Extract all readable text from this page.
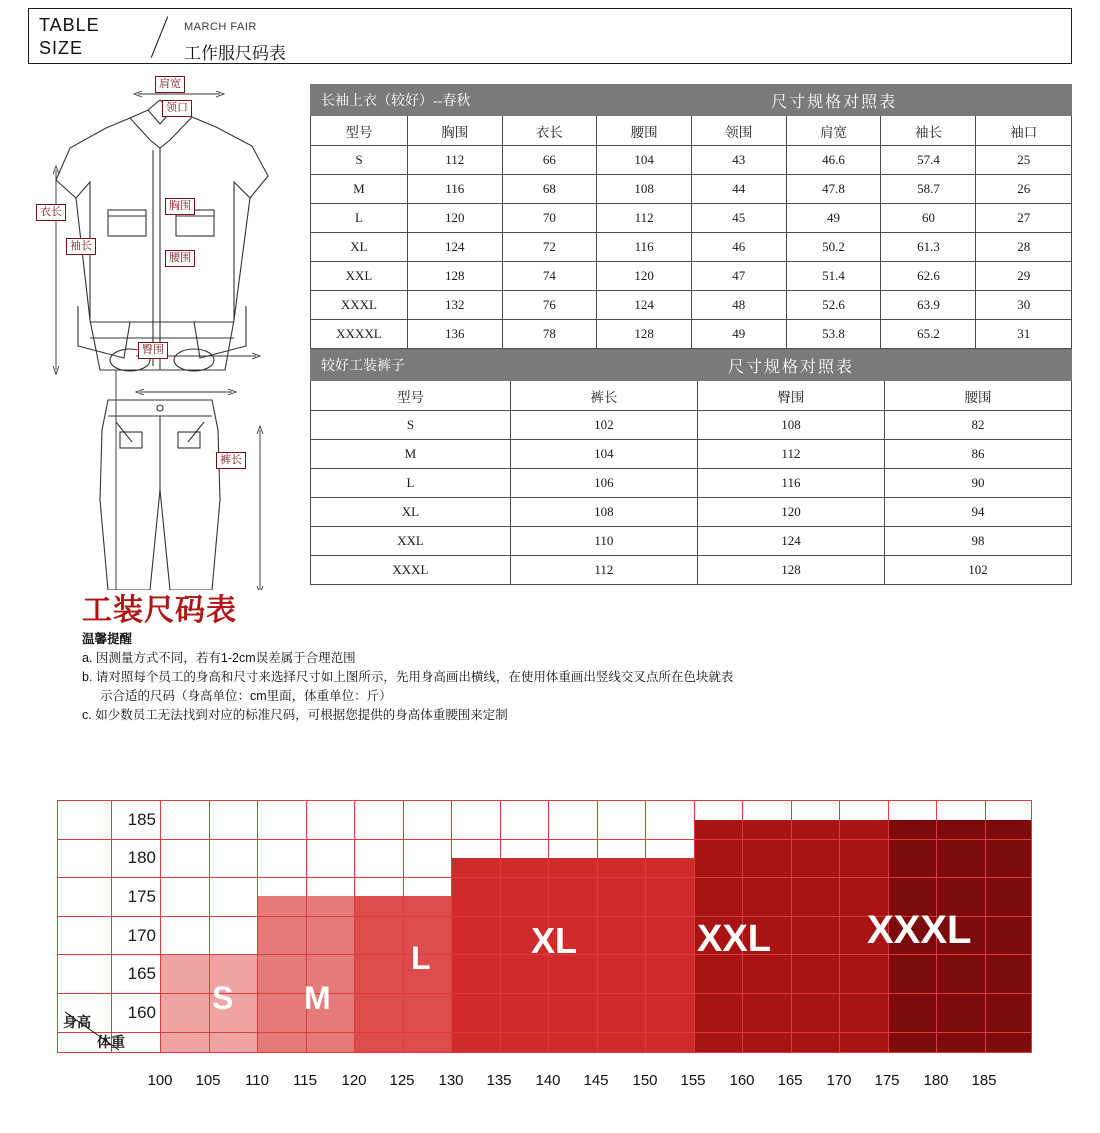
TABLE
SIZE
MARCH FAIR
工作服尺码表
肩宽
领口
胸围
衣长
袖长
腰围
臀围
裤长
长袖上衣（较好）--春秋			尺寸规格对照表				
型号	胸围	衣长	腰围	领围	肩宽	袖长	袖口
S	112	66	104	43	46.6	57.4	25
M	116	68	108	44	47.8	58.7	26
L	120	70	112	45	49	60	27
XL	124	72	116	46	50.2	61.3	28
XXL	128	74	120	47	51.4	62.6	29
XXXL	132	76	124	48	52.6	63.9	30
XXXXL	136	78	128	49	53.8	65.2	31
较好工装裤子	尺寸规格对照表		
型号	裤长	臀围	腰围
S	102	108	82
M	104	112	86
L	106	116	90
XL	108	120	94
XXL	110	124	98
XXXL	112	128	102
工装尺码表
温馨提醒
a. 因测量方式不同，若有1-2cm误差属于合理范围
b. 请对照每个员工的身高和尺寸来选择尺寸如上图所示，先用身高画出横线，在使用体重画出竖线交叉点所在色块就表
示合适的尺码（身高单位：cm里面，体重单位：斤）
c. 如少数员工无法找到对应的标准尺码，可根据您提供的身高体重腰围来定制
S M
L	XL	XXL XXXL
185
180
175
170
165
160
身高
体重
100	105	110	115	120	125	130	135	140	145	150	155	160	165	170	175	180	185
